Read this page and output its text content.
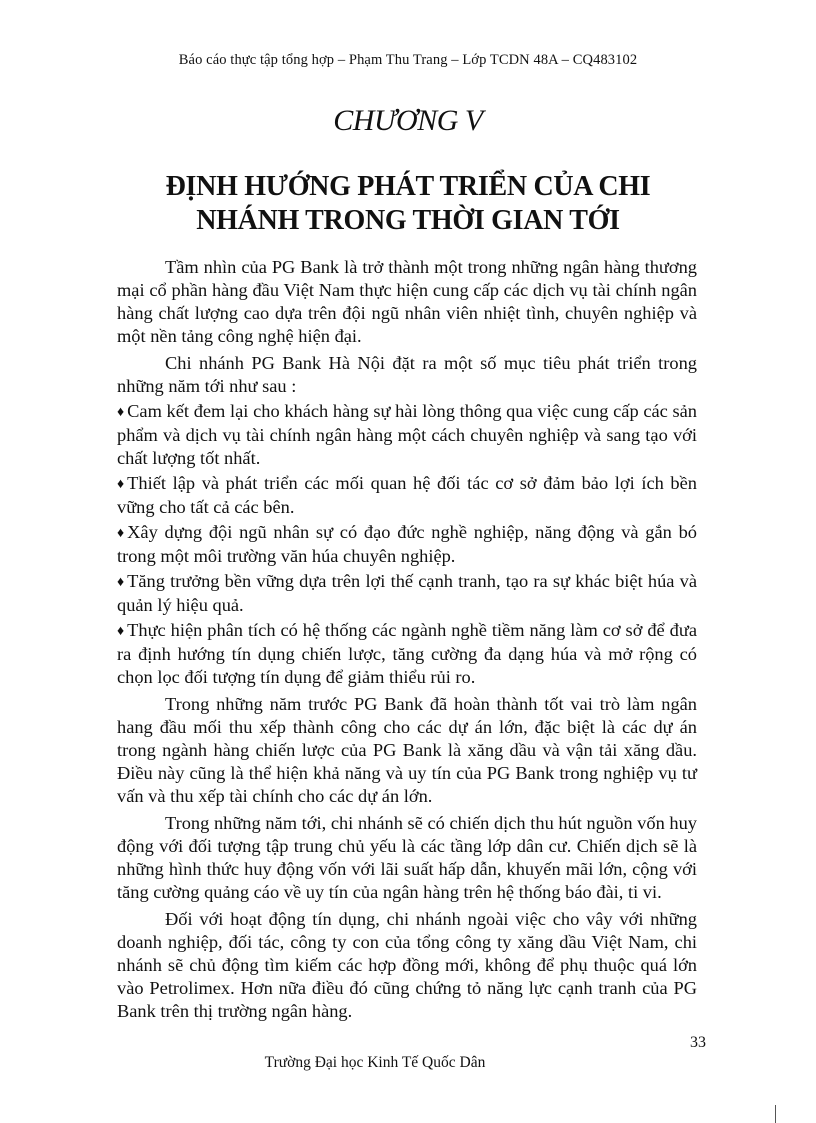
Báo cáo thực tập tổng hợp – Phạm Thu Trang – Lớp TCDN 48A – CQ483102
CHƯƠNG V
ĐỊNH HƯỚNG PHÁT TRIỂN CỦA CHI
NHÁNH TRONG THỜI GIAN TỚI

Tầm nhìn của PG Bank là trở thành một trong những ngân hàng thương mại cổ phần hàng đầu Việt Nam thực hiện cung cấp các dịch vụ tài chính ngân hàng chất lượng cao dựa trên đội ngũ nhân viên nhiệt tình, chuyên nghiệp và một nền tảng công nghệ hiện đại.

Chi nhánh PG Bank Hà Nội đặt ra một số mục tiêu phát triển trong những năm tới như sau :

♦ Cam kết đem lại cho khách hàng sự hài lòng thông qua việc cung cấp các sản phẩm và dịch vụ tài chính ngân hàng một cách chuyên nghiệp và sang tạo với chất lượng tốt nhất.

♦ Thiết lập và phát triển các mối quan hệ đối tác cơ sở đảm bảo lợi ích bền vững cho tất cả các bên.

♦ Xây dựng đội ngũ nhân sự có đạo đức nghề nghiệp, năng động và gắn bó trong một môi trường văn húa chuyên nghiệp.

♦ Tăng trưởng bền vững dựa trên lợi thế cạnh tranh, tạo ra sự khác biệt húa và quản lý hiệu quả.

♦ Thực hiện phân tích có hệ thống các ngành nghề tiềm năng làm cơ sở để đưa ra định hướng tín dụng chiến lược, tăng cường đa dạng húa và mở rộng có chọn lọc đối tượng tín dụng để giảm thiểu rủi ro.

Trong những năm trước PG Bank đã hoàn thành tốt vai trò làm ngân hang đầu mối thu xếp thành công cho các dự án lớn, đặc biệt là các dự án trong ngành hàng chiến lược của PG Bank là xăng dầu và vận tải xăng dầu. Điều này cũng là thể hiện khả năng và uy tín của PG Bank trong nghiệp vụ tư vấn và thu xếp tài chính cho các dự án lớn.

Trong những năm tới, chi nhánh sẽ có chiến dịch thu hút nguồn vốn huy động với đối tượng tập trung chủ yếu là các tầng lớp dân cư. Chiến dịch sẽ là những hình thức huy động vốn với lãi suất hấp dẫn, khuyến mãi lớn, cộng với tăng cường quảng cáo về uy tín của ngân hàng trên hệ thống báo đài, ti vi.

Đối với hoạt động tín dụng, chi nhánh ngoài việc cho vây với những doanh nghiệp, đối tác, công ty con của tổng công ty xăng dầu Việt Nam, chi nhánh sẽ chủ động tìm kiếm các hợp đồng mới, không để phụ thuộc quá lớn vào Petrolimex. Hơn nữa điều đó cũng chứng tỏ năng lực cạnh tranh của PG Bank trên thị trường ngân hàng.

33
Trường Đại học Kinh Tế Quốc Dân
